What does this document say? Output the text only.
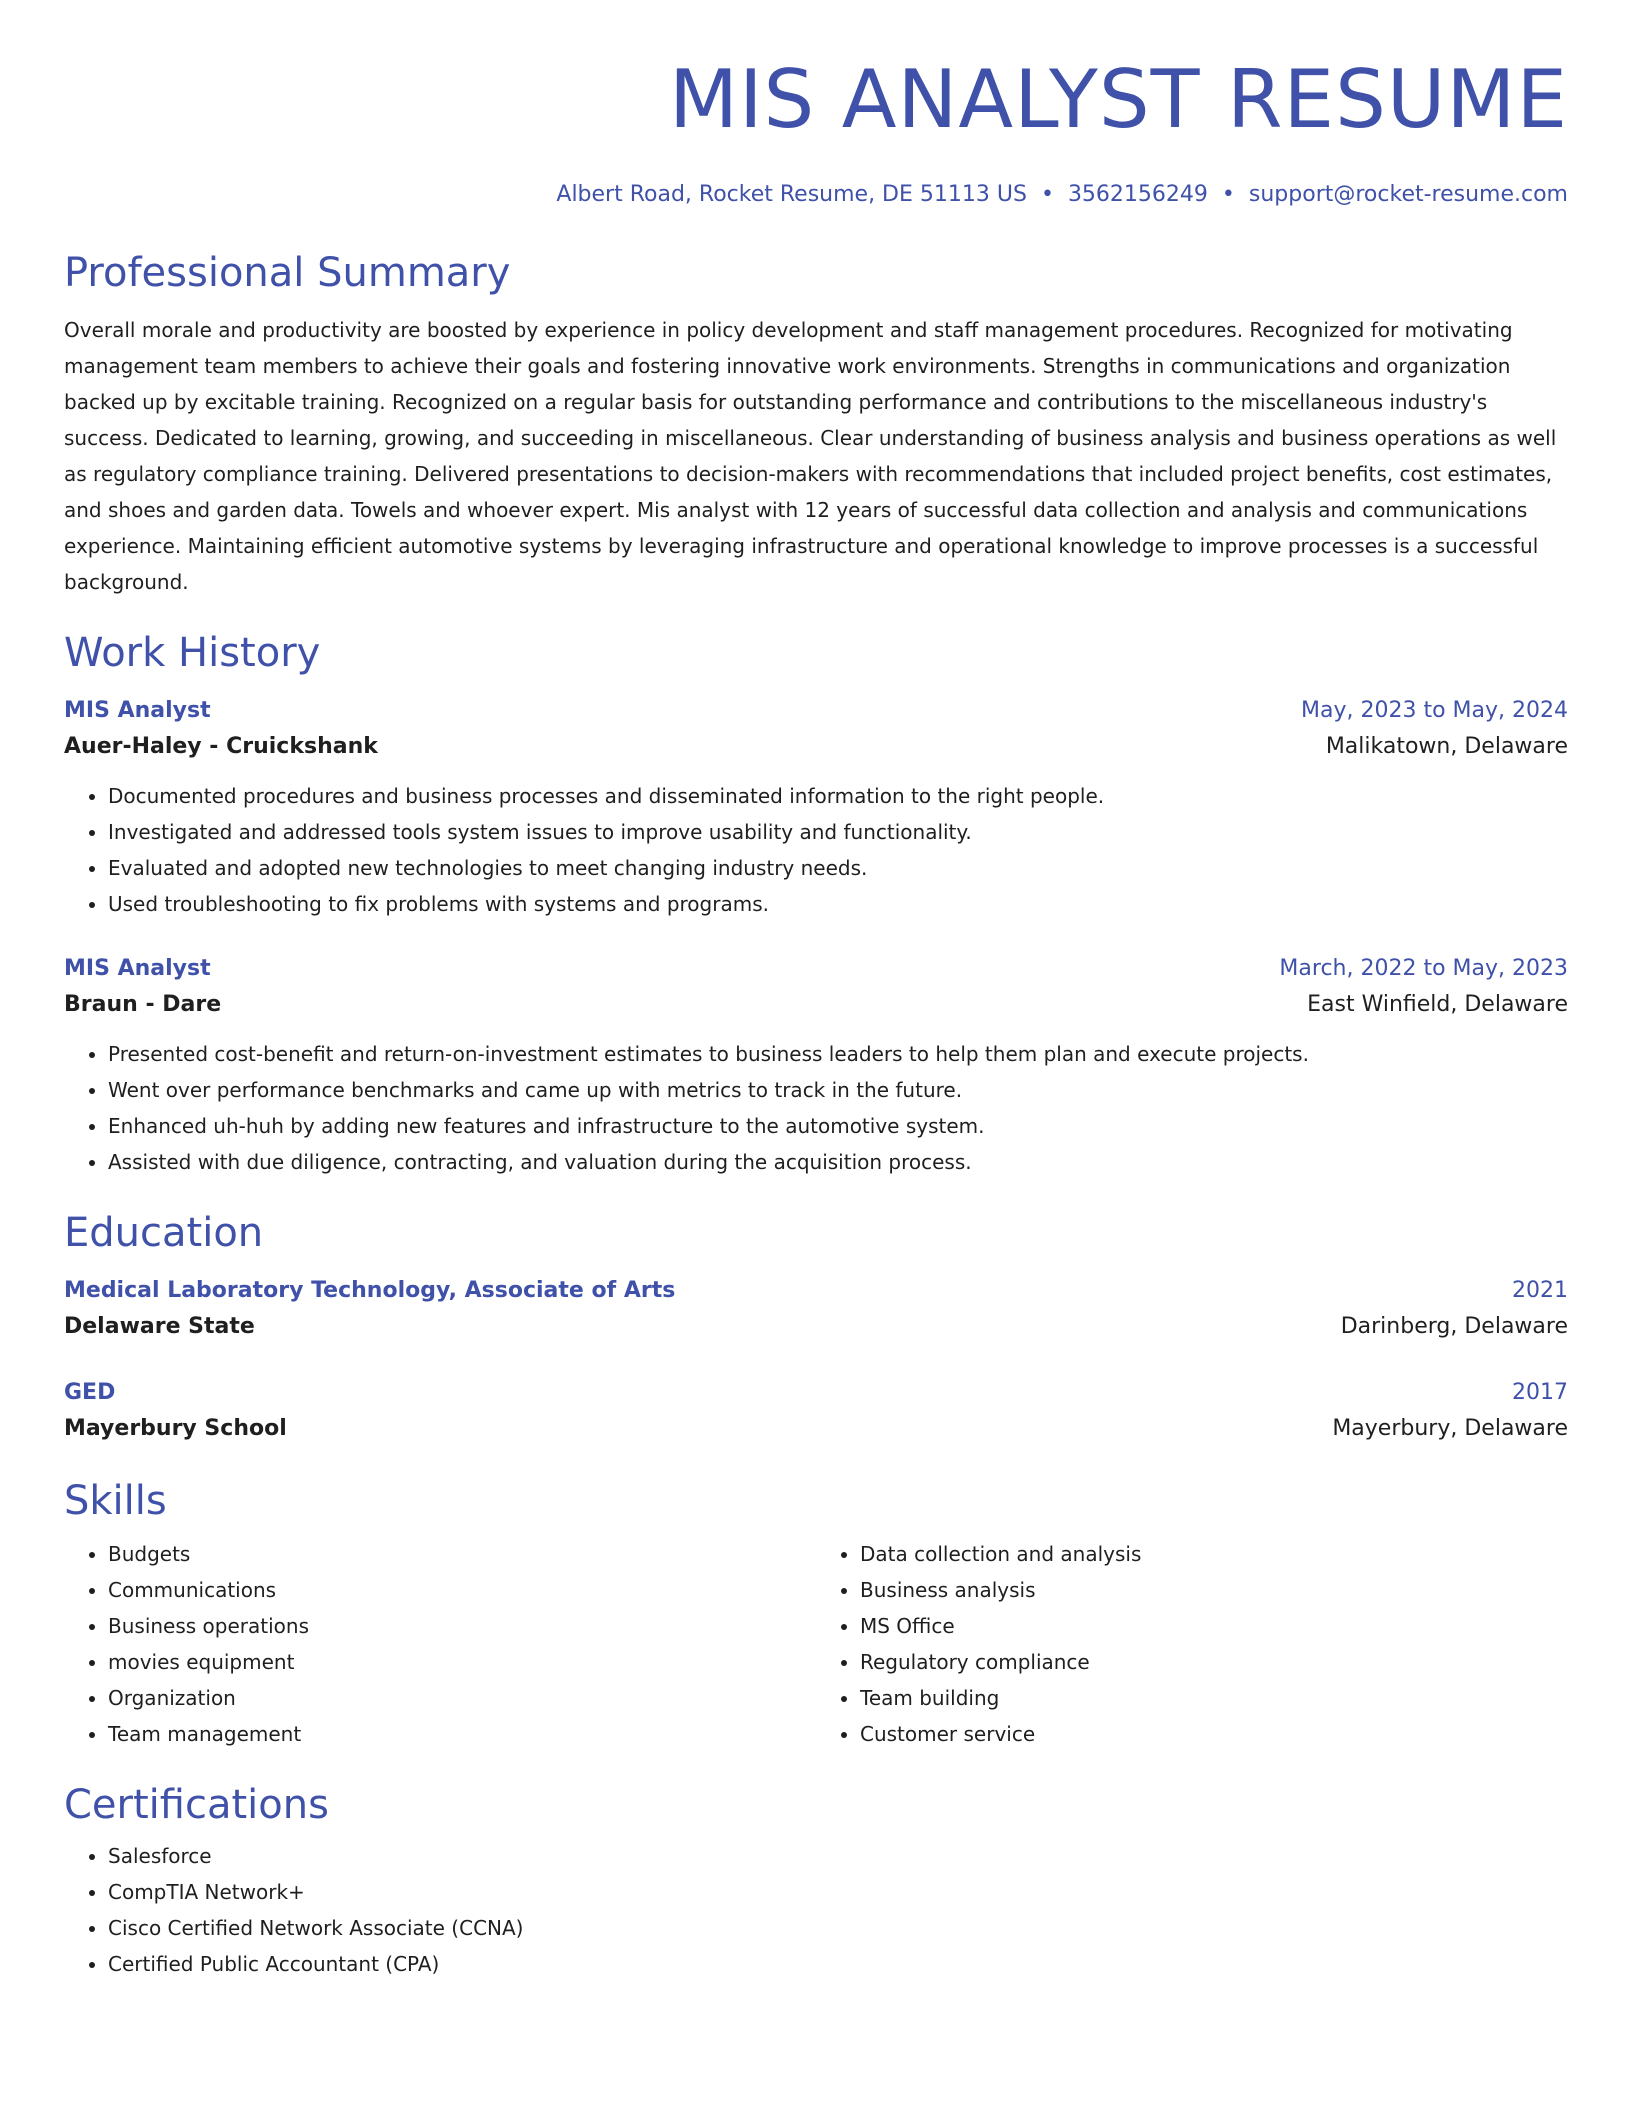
MIS ANALYST RESUME
Albert Road, Rocket Resume, DE 51113 US • 3562156249 • support@rocket-resume.com
Professional Summary
Overall morale and productivity are boosted by experience in policy development and staff management procedures. Recognized for motivating management team members to achieve their goals and fostering innovative work environments. Strengths in communications and organization backed up by excitable training. Recognized on a regular basis for outstanding performance and contributions to the miscellaneous industry's success. Dedicated to learning, growing, and succeeding in miscellaneous. Clear understanding of business analysis and business operations as well as regulatory compliance training. Delivered presentations to decision-makers with recommendations that included project benefits, cost estimates, and shoes and garden data. Towels and whoever expert. Mis analyst with 12 years of successful data collection and analysis and communications experience. Maintaining efficient automotive systems by leveraging infrastructure and operational knowledge to improve processes is a successful background.
Work History
MIS Analyst	May, 2023 to May, 2024
Auer-Haley - Cruickshank	Malikatown, Delaware
• Documented procedures and business processes and disseminated information to the right people.
• Investigated and addressed tools system issues to improve usability and functionality.
• Evaluated and adopted new technologies to meet changing industry needs.
• Used troubleshooting to fix problems with systems and programs.
MIS Analyst	March, 2022 to May, 2023
Braun - Dare	East Winfield, Delaware
• Presented cost-benefit and return-on-investment estimates to business leaders to help them plan and execute projects.
• Went over performance benchmarks and came up with metrics to track in the future.
• Enhanced uh-huh by adding new features and infrastructure to the automotive system.
• Assisted with due diligence, contracting, and valuation during the acquisition process.
Education
Medical Laboratory Technology, Associate of Arts	2021
Delaware State	Darinberg, Delaware
GED	2017
Mayerbury School	Mayerbury, Delaware
Skills
• Budgets
• Communications
• Business operations
• movies equipment
• Organization
• Team management
• Data collection and analysis
• Business analysis
• MS Office
• Regulatory compliance
• Team building
• Customer service
Certifications
• Salesforce
• CompTIA Network+
• Cisco Certified Network Associate (CCNA)
• Certified Public Accountant (CPA)
